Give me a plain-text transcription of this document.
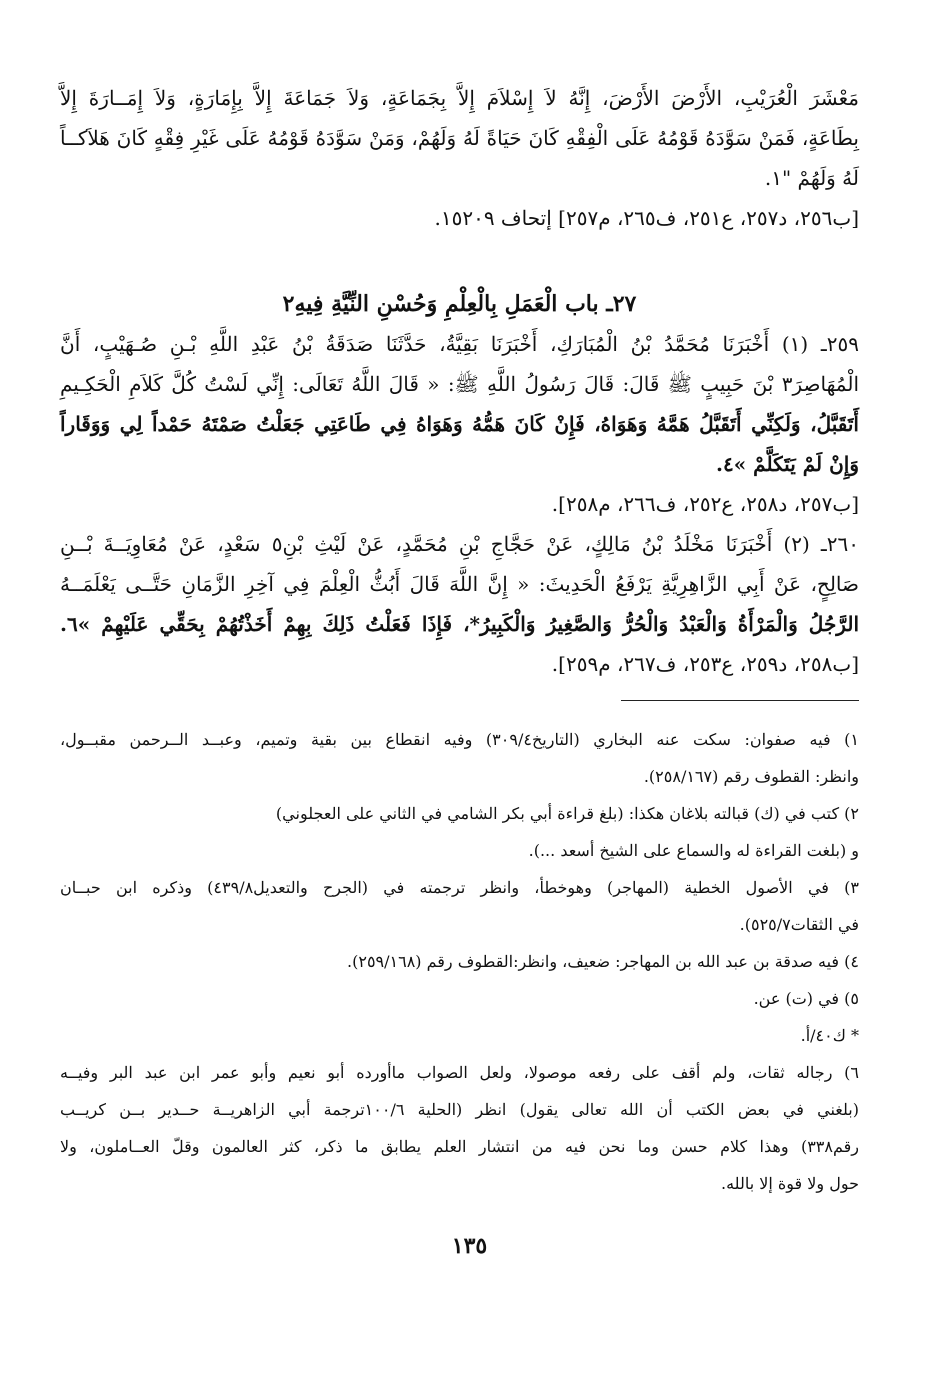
مَعْشَرَ الْعُرَيْبِ، الأَرْضَ الأَرْضَ، إِنَّهُ لاَ إِسْلاَمَ إِلاَّ بِجَمَاعَةٍ، وَلاَ جَمَاعَةَ إِلاَّ بِإِمَارَةٍ، وَلاَ إِمَــارَةَ إِلاَّ
بِطَاعَةٍ، فَمَنْ سَوَّدَهُ قَوْمُهُ عَلَى الْفِقْهِ كَانَ حَيَاةً لَهُ وَلَهُمْ، وَمَنْ سَوَّدَهُ قَوْمُهُ عَلَى غَيْرِ فِقْهٍ كَانَ هَلاَكــاً
لَهُ وَلَهُمْ "١.
[ب٢٥٦، د٢٥٧، ع٢٥١، ف٢٦٥، م٢٥٧] إتحاف ١٥٢٠٩.
٢٧ـ باب الْعَمَلِ بِالْعِلْمِ وَحُسْنِ النِّيَّةِ فِيهِ٢
٢٥٩ـ (١) أَخْبَرَنَا مُحَمَّدُ بْنُ الْمُبَارَكِ، أَخْبَرَنَا بَقِيَّةُ، حَدَّثَنَا صَدَقَةُ بْنُ عَبْدِ اللَّهِ بْـنِ صُـهَيْبٍ، أَنَّ
الْمُهَاصِرَ٣ بْنَ حَبِيبٍ ﷺ قَالَ: قَالَ رَسُولُ اللَّهِ ﷺ: « قَالَ اللَّهُ تَعَالَى: إِنِّي لَسْتُ كُلَّ كَلاَمِ الْحَكِـيمِ
أَتَقَبَّلُ، وَلَكِنِّي أَتَقَبَّلُ هَمَّهُ وَهَوَاهُ، فَإِنْ كَانَ هَمُّهُ وَهَوَاهُ فِي طَاعَتِي جَعَلْتُ صَمْتَهُ حَمْداً لِي وَوَقَاراً
وَإِنْ لَمْ يَتَكَلَّمْ »٤.
[ب٢٥٧، د٢٥٨، ع٢٥٢، ف٢٦٦، م٢٥٨].
٢٦٠ـ (٢) أَخْبَرَنَا مَخْلَدُ بْنُ مَالِكٍ، عَنْ حَجَّاجِ بْنِ مُحَمَّدٍ، عَنْ لَيْثِ بْنِ٥ سَعْدٍ، عَنْ مُعَاوِيَــةَ بْــنِ
صَالِحٍ، عَنْ أَبِي الزَّاهِرِيَّةِ يَرْفَعُ الْحَدِيثَ: « إِنَّ اللَّهَ قَالَ أَبُثُّ الْعِلْمَ فِي آخِرِ الزَّمَانِ حَتَّــى يَعْلَمَــهُ
الرَّجُلُ وَالْمَرْأَةُ وَالْعَبْدُ وَالْحُرُّ وَالصَّغِيرُ وَالْكَبِيرُ*، فَإِذَا فَعَلْتُ ذَلِكَ بِهِمْ أَخَذْتُهُمْ بِحَقِّي عَلَيْهِمْ »٦.
[ب٢٥٨، د٢٥٩، ع٢٥٣، ف٢٦٧، م٢٥٩].
١) فيه صفوان: سكت عنه البخاري (التاريخ٣٠٩/٤) وفيه انقطاع بين بقية وتميم، وعبــد الــرحمن مقبــول،
وانظر: القطوف رقم (٢٥٨/١٦٧).
٢) كتب في (ك) قبالته بلاغان هكذا: (بلغ قراءة أبي بكر الشامي في الثاني على العجلوني)
و (بلغت القراءة له والسماع على الشيخ أسعد ...).
٣) في الأصول الخطية (المهاجر) وهوخطأ، وانظر ترجمته في (الجرح والتعديل٤٣٩/٨) وذكره ابن حبــان
في الثقات٥٢٥/٧).
٤) فيه صدقة بن عبد الله بن المهاجر: ضعيف، وانظر:القطوف رقم (٢٥٩/١٦٨).
٥) في (ت) عن.
* ك٤٠/أ.
٦) رجاله ثقات، ولم أقف على رفعه موصولا، ولعل الصواب ماأورده أبو نعيم وأبو عمر ابن عبد البر وفيــه
(بلغني في بعض الكتب أن الله تعالى يقول) انظر (الحلية ١٠٠/٦ترجمة أبي الزاهريــة حــدير بــن كريــب
رقم٣٣٨) وهذا كلام حسن وما نحن فيه من انتشار العلم يطابق ما ذكر، كثر العالمون وقلّ العــاملون، ولا
حول ولا قوة إلا بالله.
١٣٥
